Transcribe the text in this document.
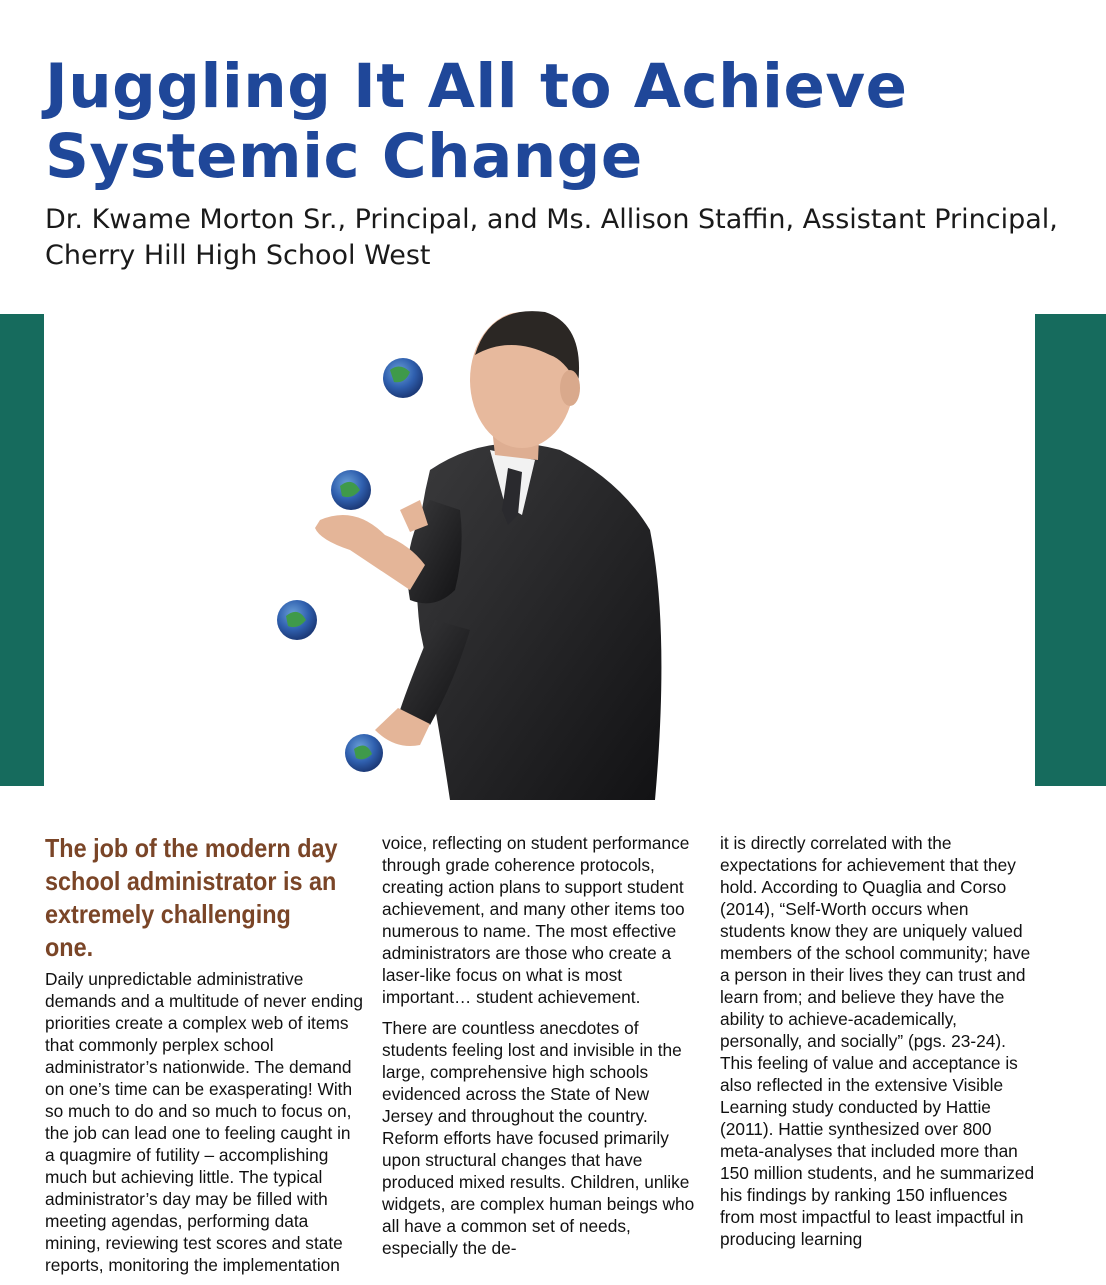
Juggling It All to Achieve
Systemic Change
Dr. Kwame Morton Sr., Principal, and Ms. Allison Staffin, Assistant Principal,
Cherry Hill High School West
The job of the modern day school administrator is an extremely challenging one.

Daily unpredictable administrative demands and a multitude of never ending priorities create a complex web of items that commonly perplex school administrator’s nationwide. The demand on one’s time can be exasperating! With so much to do and so much to focus on, the job can lead one to feeling caught in a quagmire of futility – accomplishing much but achieving little. The typical administrator’s day may be filled with meeting agendas, performing data mining, reviewing test scores and state reports, monitoring the implementation

voice, reflecting on student performance through grade coherence protocols, creating action plans to support student achievement, and many other items too numerous to name. The most effective administrators are those who create a laser-like focus on what is most important… student achievement.

There are countless anecdotes of students feeling lost and invisible in the large, comprehensive high schools evidenced across the State of New Jersey and throughout the country. Reform efforts have focused primarily upon structural changes that have produced mixed results. Children, unlike widgets, are complex human beings who all have a common set of needs, especially the de-

it is directly correlated with the expectations for achievement that they hold. According to Quaglia and Corso (2014), “Self-Worth occurs when students know they are uniquely valued members of the school community; have a person in their lives they can trust and learn from; and believe they have the ability to achieve-academically, personally, and socially” (pgs. 23-24). This feeling of value and acceptance is also reflected in the extensive Visible Learning study conducted by Hattie (2011). Hattie synthesized over 800 meta-analyses that included more than 150 million students, and he summarized his findings by ranking 150 influences from most impactful to least impactful in producing learning
